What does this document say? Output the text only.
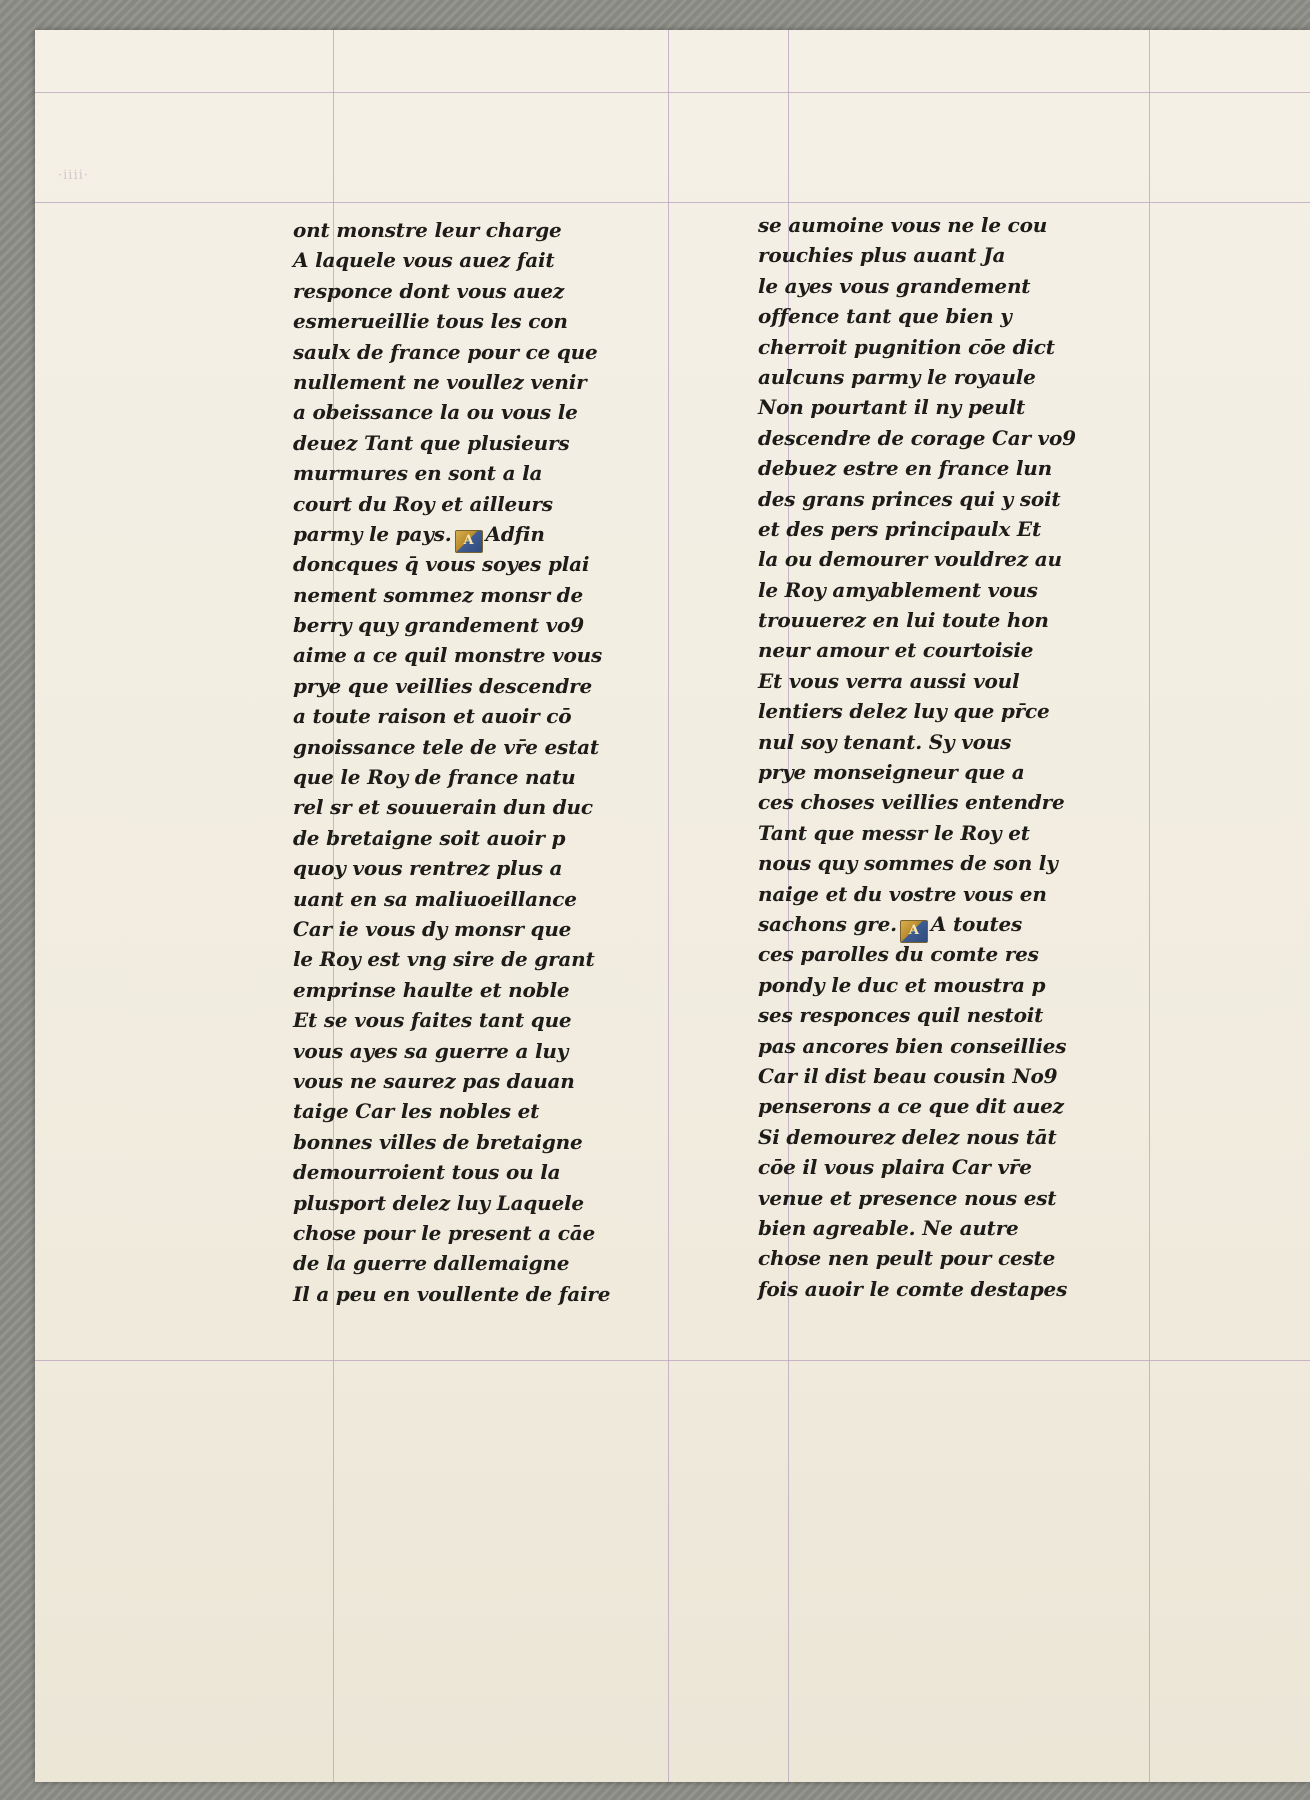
·iiii·
ont monstre leur charge
A laquele vous auez fait
responce dont vous auez
esmerueillie tous les con
saulx de france pour ce que
nullement ne voullez venir
a obeissance la ou vous le
deuez Tant que plusieurs
murmures en sont a la
court du Roy et ailleurs
parmy le pays. A Adfin
doncques q̄ vous soyes plai
nement sommez monsr de
berry quy grandement vo9
aime a ce quil monstre vous
prye que veillies descendre
a toute raison et auoir cō
gnoissance tele de vr̄e estat
que le Roy de france natu
rel sr et souuerain dun duc
de bretaigne soit auoir p
quoy vous rentrez plus a
uant en sa maliuoeillance
Car ie vous dy monsr que
le Roy est vng sire de grant
emprinse haulte et noble
Et se vous faites tant que
vous ayes sa guerre a luy
vous ne saurez pas dauan
taige Car les nobles et
bonnes villes de bretaigne
demourroient tous ou la
plusport delez luy Laquele
chose pour le present a cāe
de la guerre dallemaigne
Il a peu en voullente de faire
se aumoine vous ne le cou
rouchies plus auant Ja
le ayes vous grandement
offence tant que bien y
cherroit pugnition cōe dict
aulcuns parmy le royaule
Non pourtant il ny peult
descendre de corage Car vo9
debuez estre en france lun
des grans princes qui y soit
et des pers principaulx Et
la ou demourer vouldrez au
le Roy amyablement vous
trouuerez en lui toute hon
neur amour et courtoisie
Et vous verra aussi voul
lentiers delez luy que pr̄ce
nul soy tenant. Sy vous
prye monseigneur que a
ces choses veillies entendre
Tant que messr le Roy et
nous quy sommes de son ly
naige et du vostre vous en
sachons gre. A A toutes
ces parolles du comte res
pondy le duc et moustra p
ses responces quil nestoit
pas ancores bien conseillies
Car il dist beau cousin No9
penserons a ce que dit auez
Si demourez delez nous tāt
cōe il vous plaira Car vr̄e
venue et presence nous est
bien agreable. Ne autre
chose nen peult pour ceste
fois auoir le comte destapes
